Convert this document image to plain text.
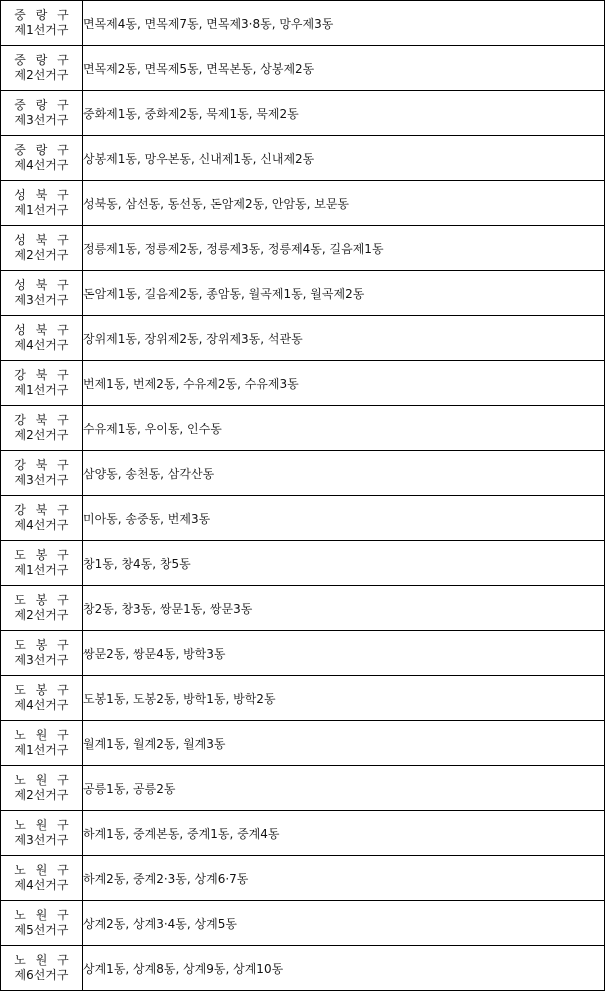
중 랑 구
제1선거구	면목제4동, 면목제7동, 면목제3·8동, 망우제3동

중 랑 구
제2선거구	면목제2동, 면목제5동, 면목본동, 상봉제2동

중 랑 구
제3선거구	중화제1동, 중화제2동, 묵제1동, 묵제2동

중 랑 구
제4선거구	상봉제1동, 망우본동, 신내제1동, 신내제2동

성 북 구
제1선거구	성북동, 삼선동, 동선동, 돈암제2동, 안암동, 보문동

성 북 구
제2선거구	정릉제1동, 정릉제2동, 정릉제3동, 정릉제4동, 길음제1동

성 북 구
제3선거구	돈암제1동, 길음제2동, 종암동, 월곡제1동, 월곡제2동

성 북 구
제4선거구	장위제1동, 장위제2동, 장위제3동, 석관동

강 북 구
제1선거구	번제1동, 번제2동, 수유제2동, 수유제3동

강 북 구
제2선거구	수유제1동, 우이동, 인수동

강 북 구
제3선거구	삼양동, 송천동, 삼각산동

강 북 구
제4선거구	미아동, 송중동, 번제3동

도 봉 구
제1선거구	창1동, 창4동, 창5동

도 봉 구
제2선거구	창2동, 창3동, 쌍문1동, 쌍문3동

도 봉 구
제3선거구	쌍문2동, 쌍문4동, 방학3동

도 봉 구
제4선거구	도봉1동, 도봉2동, 방학1동, 방학2동

노 원 구
제1선거구	월계1동, 월계2동, 월계3동

노 원 구
제2선거구	공릉1동, 공릉2동

노 원 구
제3선거구	하계1동, 중계본동, 중계1동, 중계4동

노 원 구
제4선거구	하계2동, 중계2·3동, 상계6·7동

노 원 구
제5선거구	상계2동, 상계3·4동, 상계5동

노 원 구
제6선거구	상계1동, 상계8동, 상계9동, 상계10동
